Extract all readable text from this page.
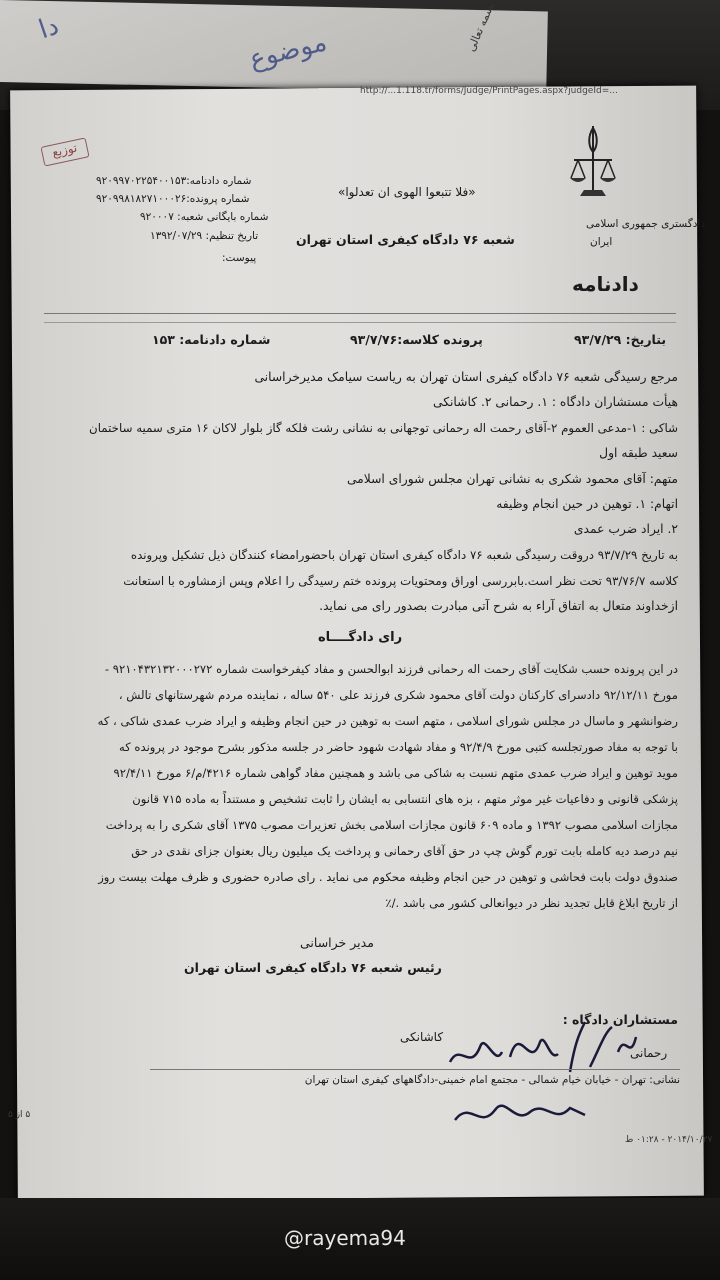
بسمه تعالی
موضوع
دا
http://...‏1.118.tr/forms/Judge/PrintPages.aspx?judgeId=...
توزیع
دادگستری جمهوری اسلامی
ایران
دادنامه
«فلا تتبعوا الهوی ان تعدلوا»
شعبه ۷۶ دادگاه کیفری استان تهران
شماره دادنامه:۹۲۰۹۹۷۰۲۲۵۴۰۰۱۵۳
شماره پرونده:۹۲۰۹۹۸۱۸۲۷۱۰۰۰۲۶
شماره بایگانی شعبه: ۹۲۰۰۰۷
تاریخ تنظیم: ۱۳۹۲/۰۷/۲۹
پیوست:
بتاریخ: ۹۳/۷/۲۹
پرونده کلاسه:۹۳/۷/۷۶
شماره دادنامه: ۱۵۳
مرجع رسیدگی شعبه ۷۶ دادگاه کیفری استان تهران به ریاست سیامک مدیرخراسانی
هیأت مستشاران دادگاه : ۱. رحمانی ۲. کاشانکی
شاکی : ۱-مدعی العموم ۲-آقای رحمت اله رحمانی توجهانی به نشانی رشت فلکه گاز بلوار لاکان ۱۶ متری سمیه ساختمان
سعید طبقه اول
متهم: آقای محمود شکری به نشانی تهران مجلس شورای اسلامی
اتهام: ۱. توهین در حین انجام وظیفه
۲. ایراد ضرب عمدی
به تاریخ ۹۳/۷/۲۹ دروقت رسیدگی شعبه ۷۶ دادگاه کیفری استان تهران باحضورامضاء کنندگان ذیل تشکیل وپرونده
کلاسه ۹۳/۷۶/۷ تحت نظر است.بابررسی اوراق ومحتویات پرونده ختم رسیدگی را اعلام وپس ازمشاوره با استعانت
ازخداوند متعال به اتفاق آراء به شرح آتی مبادرت بصدور رای می نماید.
رای دادگــــاه
در این پرونده حسب شکایت آقای رحمت اله رحمانی فرزند ابوالحسن و مفاد کیفرخواست شماره ۹۲۱۰۴۳۲۱۳۲۰۰۰۲۷۲ -
مورخ ۹۲/۱۲/۱۱ دادسرای کارکنان دولت آقای محمود شکری فرزند علی ۵۴۰ ساله ، نماینده مردم شهرستانهای تالش ،
رضوانشهر و ماسال در مجلس شورای اسلامی ، متهم است به توهین در حین انجام وظیفه و ایراد ضرب عمدی شاکی ، که
با توجه به مفاد صورتجلسه کتبی مورخ ۹۲/۴/۹ و مفاد شهادت شهود حاضر در جلسه مذکور بشرح موجود در پرونده که
موید توهین و ایراد ضرب عمدی متهم نسبت به شاکی می باشد و همچنین مفاد گواهی شماره ۴۲۱۶/م/۶ مورخ ۹۲/۴/۱۱
پزشکی قانونی و دفاعیات غیر موثر متهم ، بزه های انتسابی به ایشان را ثابت تشخیص و مستنداً به ماده ۷۱۵ قانون
مجازات اسلامی مصوب ۱۳۹۲ و ماده ۶۰۹ قانون مجازات اسلامی بخش تعزیرات مصوب ۱۳۷۵ آقای شکری را به پرداخت
نیم درصد دیه کامله بابت تورم گوش چپ در حق آقای رحمانی و پرداخت یک میلیون ریال بعنوان جزای نقدی در حق
صندوق دولت بابت فحاشی و توهین در حین انجام وظیفه محکوم می نماید . رای صادره حضوری و ظرف مهلت بیست روز
از تاریخ ابلاغ قابل تجدید نظر در دیوانعالی کشور می باشد ./٪
مدیر خراسانی
رئیس شعبه ۷۶ دادگاه کیفری استان تهران
مستشاران دادگاه :
کاشانکی
رحمانی
نشانی: تهران - خیابان خیام شمالی - مجتمع امام خمینی-دادگاههای کیفری استان تهران
۲۰۱۴/۱۰/۲۷ - ۰۱:۲۸ ط
۵ از ۵
@rayema94
